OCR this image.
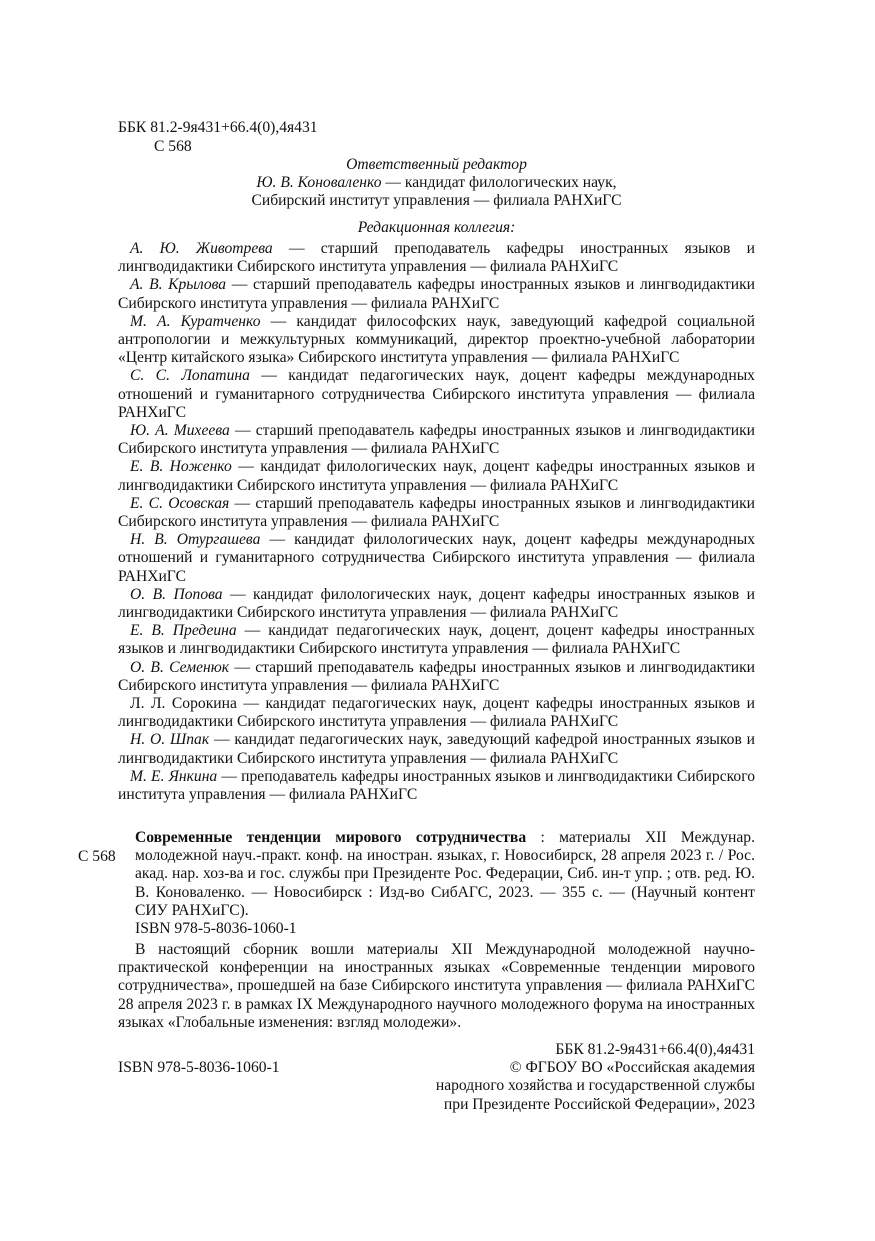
ББК 81.2-9я431+66.4(0),4я431
С 568
Ответственный редактор
Ю. В. Коноваленко — кандидат филологических наук,
Сибирский институт управления — филиала РАНХиГС
Редакционная коллегия:

А. Ю. Животрева — старший преподаватель кафедры иностранных языков и лингводидактики Сибирского института управления — филиала РАНХиГС

А. В. Крылова — старший преподаватель кафедры иностранных языков и лингводидактики Сибирского института управления — филиала РАНХиГС

М. А. Куратченко — кандидат философских наук, заведующий кафедрой социальной антропологии и межкультурных коммуникаций, директор проектно-учебной лаборатории «Центр китайского языка» Сибирского института управления — филиала РАНХиГС

С. С. Лопатина — кандидат педагогических наук, доцент кафедры международных отношений и гуманитарного сотрудничества Сибирского института управления — филиала РАНХиГС

Ю. А. Михеева — старший преподаватель кафедры иностранных языков и лингводидактики Сибирского института управления — филиала РАНХиГС

Е. В. Ноженко — кандидат филологических наук, доцент кафедры иностранных языков и лингводидактики Сибирского института управления — филиала РАНХиГС

Е. С. Осовская — старший преподаватель кафедры иностранных языков и лингводидактики Сибирского института управления — филиала РАНХиГС

Н. В. Отургашева — кандидат филологических наук, доцент кафедры международных отношений и гуманитарного сотрудничества Сибирского института управления — филиала РАНХиГС

О. В. Попова — кандидат филологических наук, доцент кафедры иностранных языков и лингводидактики Сибирского института управления — филиала РАНХиГС

Е. В. Предеина — кандидат педагогических наук, доцент, доцент кафедры иностранных языков и лингводидактики Сибирского института управления — филиала РАНХиГС

О. В. Семенюк — старший преподаватель кафедры иностранных языков и лингводидактики Сибирского института управления — филиала РАНХиГС

Л. Л. Сорокина — кандидат педагогических наук, доцент кафедры иностранных языков и лингводидактики Сибирского института управления — филиала РАНХиГС

Н. О. Шпак — кандидат педагогических наук, заведующий кафедрой иностранных языков и лингводидактики Сибирского института управления — филиала РАНХиГС

М. Е. Янкина — преподаватель кафедры иностранных языков и лингводидактики Сибирского института управления — филиала РАНХиГС

С 568
Современные тенденции мирового сотрудничества : материалы XII Междунар. молодежной науч.-практ. конф. на иностран. языках, г. Новосибирск, 28 апреля 2023 г. / Рос. акад. нар. хоз-ва и гос. службы при Президенте Рос. Федерации, Сиб. ин-т упр. ; отв. ред. Ю. В. Коноваленко. — Новосибирск : Изд-во СибАГС, 2023. — 355 с. — (Научный контент СИУ РАНХиГС).
ISBN 978-5-8036-1060-1

В настоящий сборник вошли материалы XII Международной молодежной научно-практической конференции на иностранных языках «Современные тенденции мирового сотрудничества», прошедшей на базе Сибирского института управления — филиала РАНХиГС 28 апреля 2023 г. в рамках IX Международного научного молодежного форума на иностранных языках «Глобальные изменения: взгляд молодежи».

ББК 81.2-9я431+66.4(0),4я431
ISBN 978-5-8036-1060-1	© ФГБОУ ВО «Российская академия
народного хозяйства и государственной службы
при Президенте Российской Федерации», 2023
